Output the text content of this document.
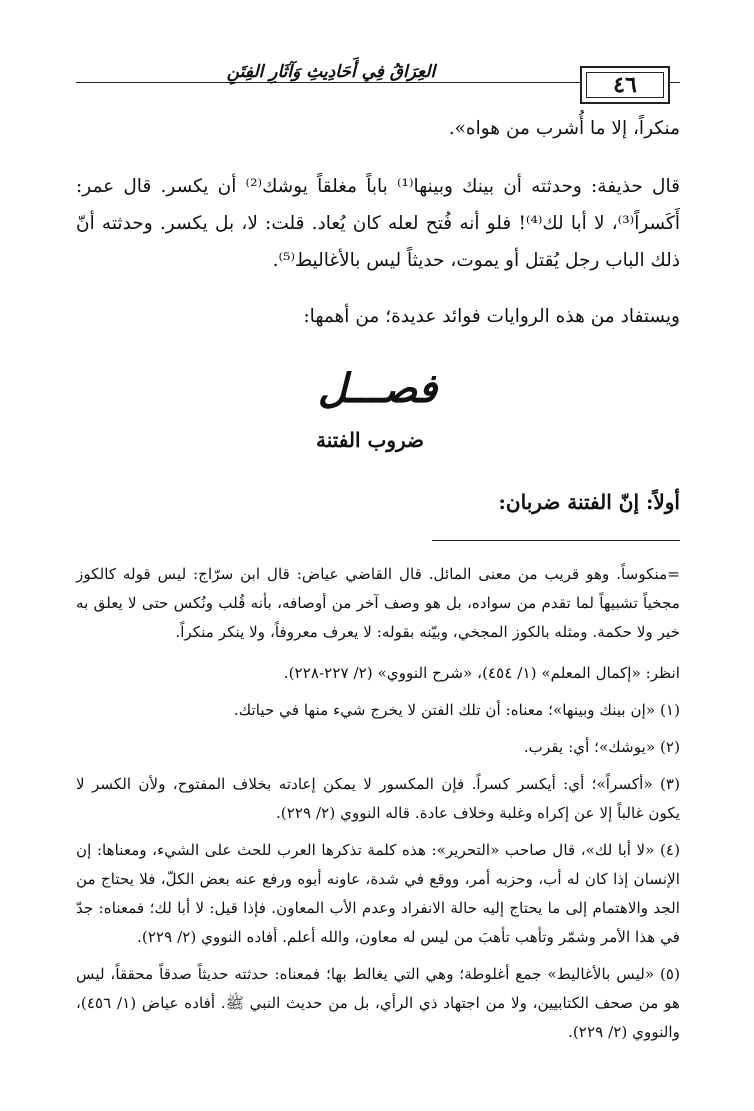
العِرَاقُ فِي أَحَادِيثِ وَآثَارِ الفِتَنِ	٤٦
منكراً، إلا ما أُشرب من هواه».
قال حذيفة: وحدثته أن بينك وبينها⁽¹⁾ باباً مغلقاً يوشك⁽²⁾ أن يكسر. قال عمر: أَكَسراً⁽³⁾، لا أبا لك⁽⁴⁾! فلو أنه فُتح لعله كان يُعاد. قلت: لا، بل يكسر. وحدثته أنّ ذلك الباب رجل يُقتل أو يموت، حديثاً ليس بالأغاليط⁽⁵⁾.
ويستفاد من هذه الروايات فوائد عديدة؛ من أهمها:
فصـــل
ضروب الفتنة
أولاً: إنّ الفتنة ضربان:

=منكوساً. وهو قريب من معنى المائل. قال القاضي عياض: قال ابن سرّاج: ليس قوله كالكوز مجخياً تشبيهاً لما تقدم من سواده، بل هو وصف آخر من أوصافه، بأنه قُلب ونُكس حتى لا يعلق به خير ولا حكمة. ومثله بالكوز المجخي، وبيّنه بقوله: لا يعرف معروفاً، ولا ينكر منكراً.

انظر: «إكمال المعلم» (١/ ٤٥٤)، «شرح النووي» (٢/ ٢٢٧-٢٢٨).

(١) «إن بينك وبينها»؛ معناه: أن تلك الفتن لا يخرج شيء منها في حياتك.

(٢) «يوشك»؛ أي: يقرب.

(٣) «أكسراً»؛ أي: أيكسر كسراً. فإن المكسور لا يمكن إعادته بخلاف المفتوح، ولأن الكسر لا يكون غالباً إلا عن إكراه وغلبة وخلاف عادة. قاله النووي (٢/ ٢٢٩).

(٤) «لا أبا لك»، قال صاحب «التحرير»: هذه كلمة تذكرها العرب للحث على الشيء، ومعناها: إن الإنسان إذا كان له أب، وحزبه أمر، ووقع في شدة، عاونه أبوه ورفع عنه بعض الكلّ، فلا يحتاج من الجد والاهتمام إلى ما يحتاج إليه حالة الانفراد وعدم الأب المعاون. فإذا قيل: لا أبا لك؛ فمعناه: جدّ في هذا الأمر وشمّر وتأهب تأهبَ من ليس له معاون، والله أعلم. أفاده النووي (٢/ ٢٢٩).

(٥) «ليس بالأغاليط» جمع أغلوطة؛ وهي التي يغالط بها؛ فمعناه: حدثته حديثاً صدقاً محققاً، ليس هو من صحف الكتابيين، ولا من اجتهاد ذي الرأي، بل من حديث النبي ﷺ. أفاده عياض (١/ ٤٥٦)، والنووي (٢/ ٢٢٩).
